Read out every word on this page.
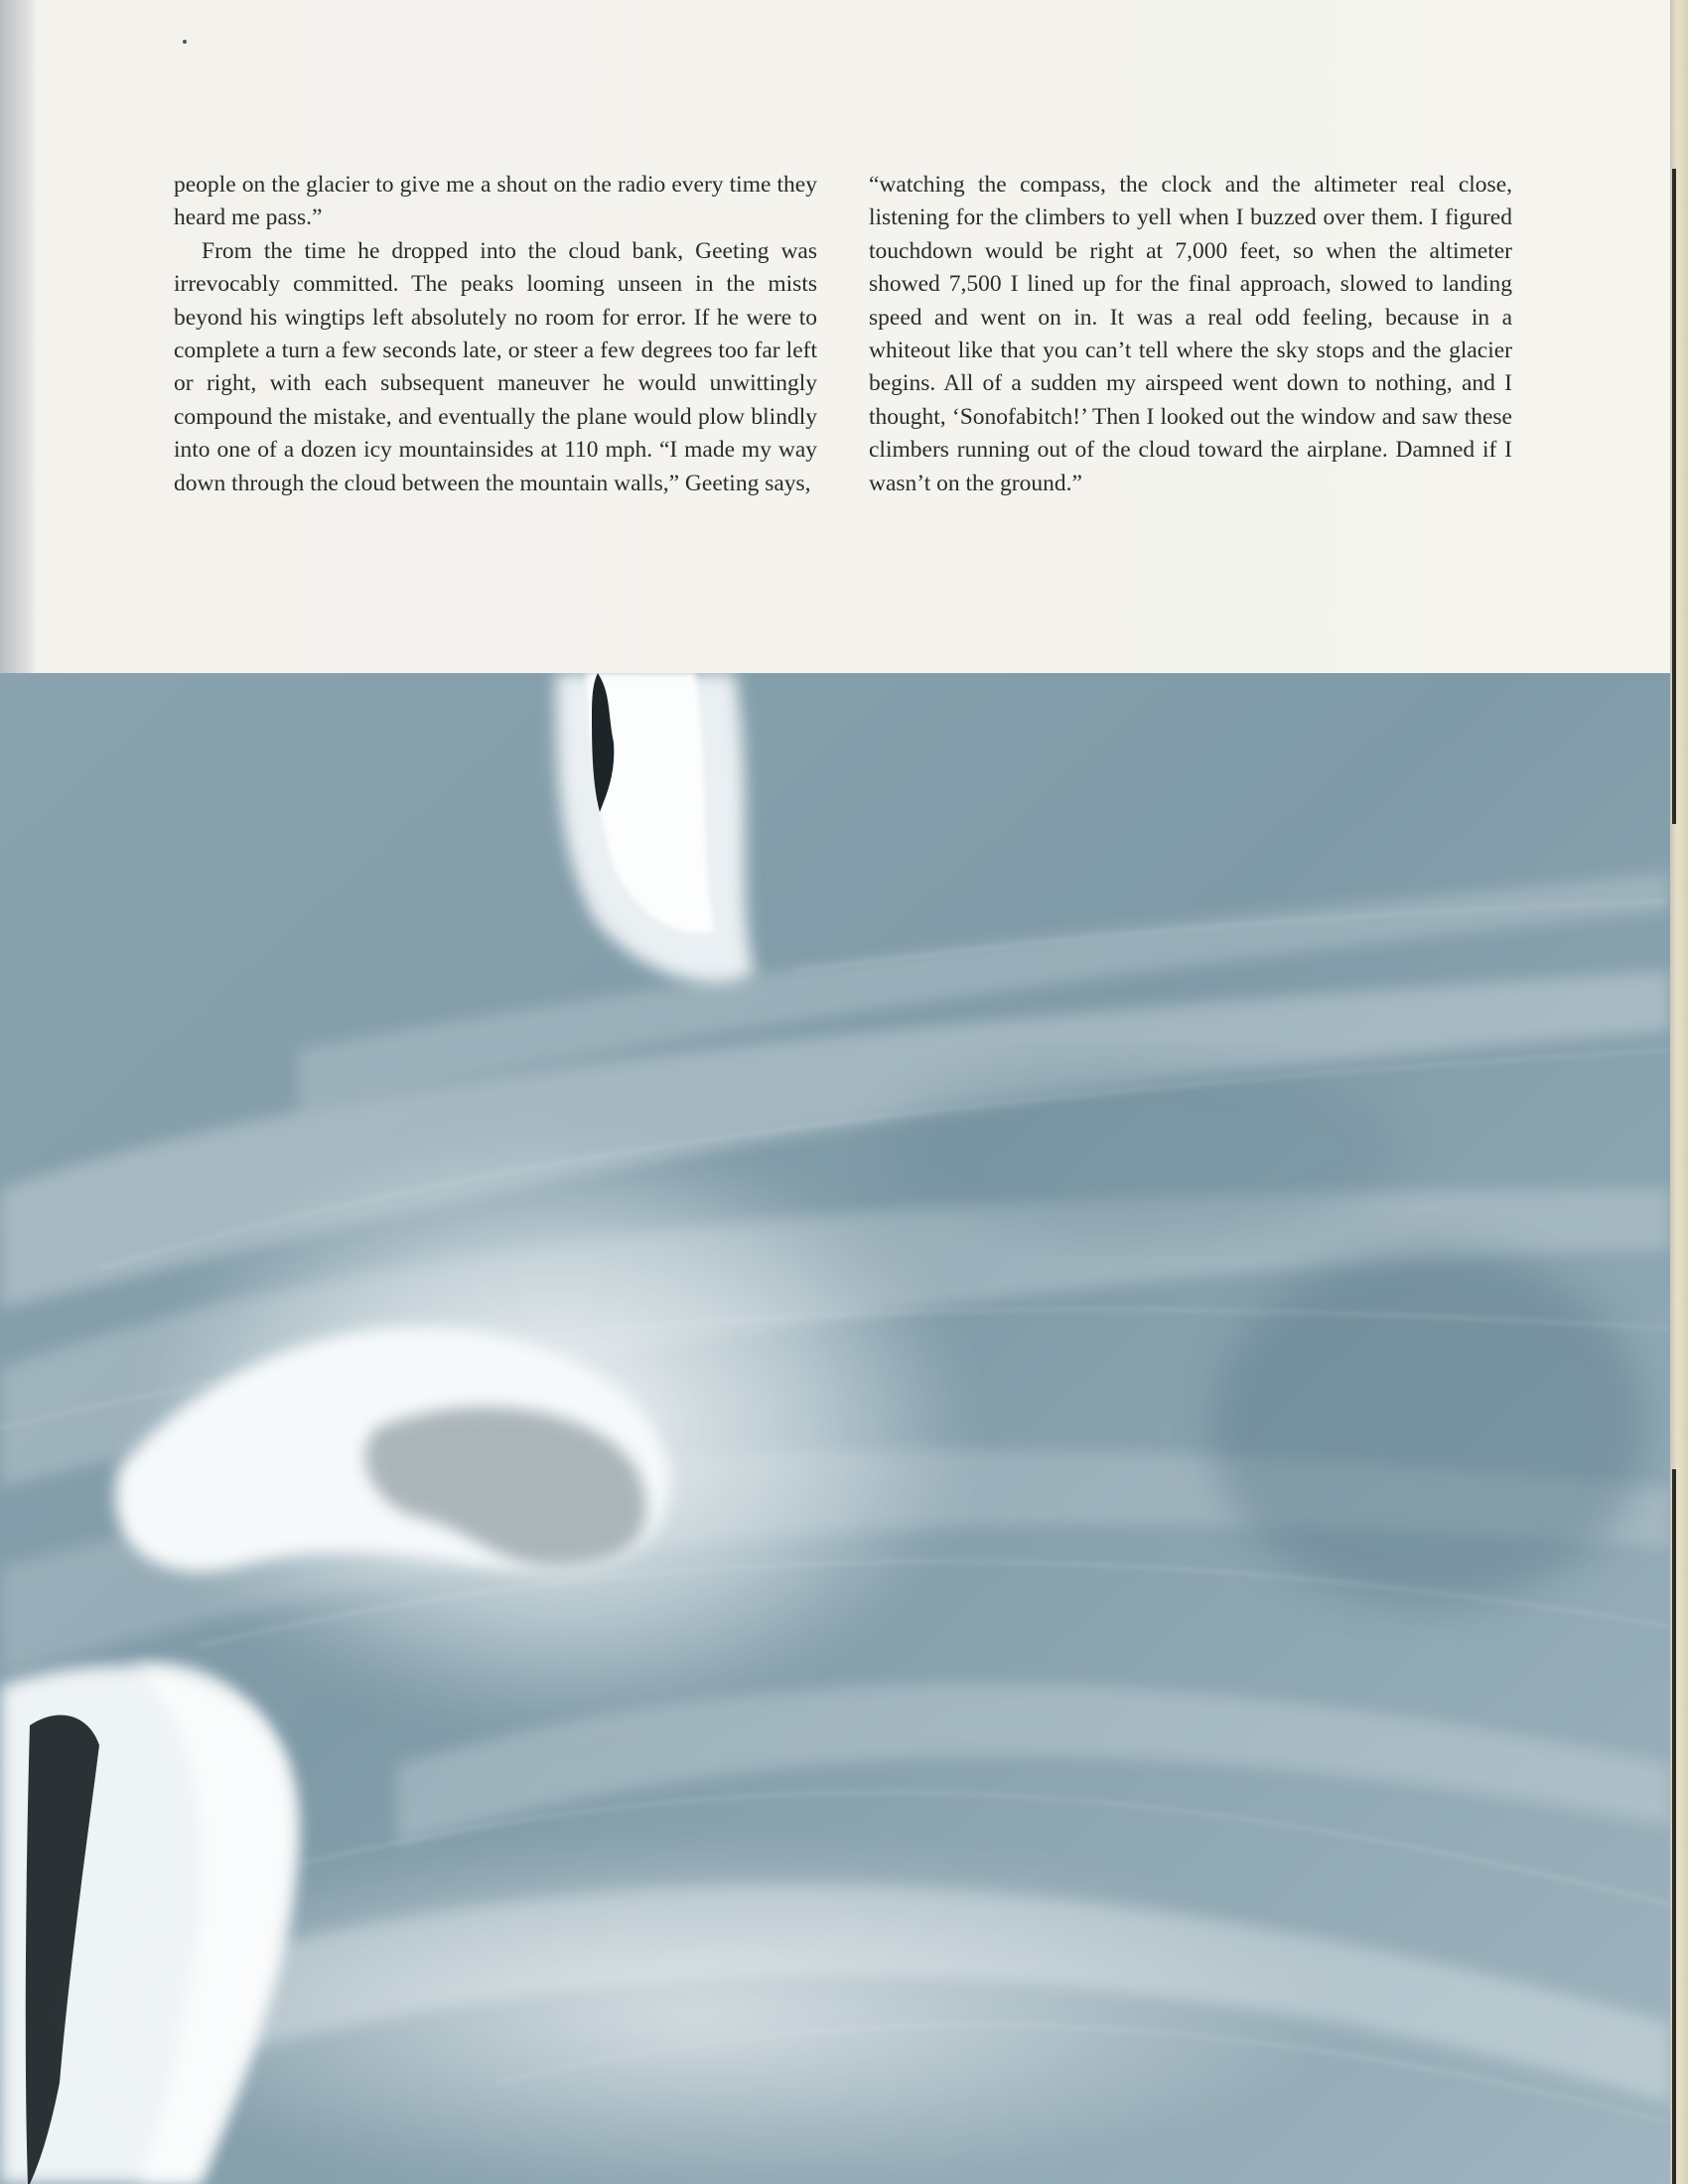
people on the glacier to give me a shout on the radio every time they heard me pass.”

From the time he dropped into the cloud bank, Geeting was irrevocably committed. The peaks looming unseen in the mists beyond his wingtips left absolutely no room for error. If he were to complete a turn a few seconds late, or steer a few degrees too far left or right, with each subsequent maneuver he would unwittingly compound the mistake, and eventually the plane would plow blindly into one of a dozen icy mountainsides at 110 mph. “I made my way down through the cloud between the mountain walls,” Geeting says,

“watching the compass, the clock and the altimeter real close, listening for the climbers to yell when I buzzed over them. I figured touchdown would be right at 7,000 feet, so when the altimeter showed 7,500 I lined up for the final approach, slowed to landing speed and went on in. It was a real odd feeling, because in a whiteout like that you can’t tell where the sky stops and the glacier begins. All of a sudden my airspeed went down to nothing, and I thought, ‘Sonofabitch!’ Then I looked out the window and saw these climbers running out of the cloud toward the airplane. Damned if I wasn’t on the ground.”
